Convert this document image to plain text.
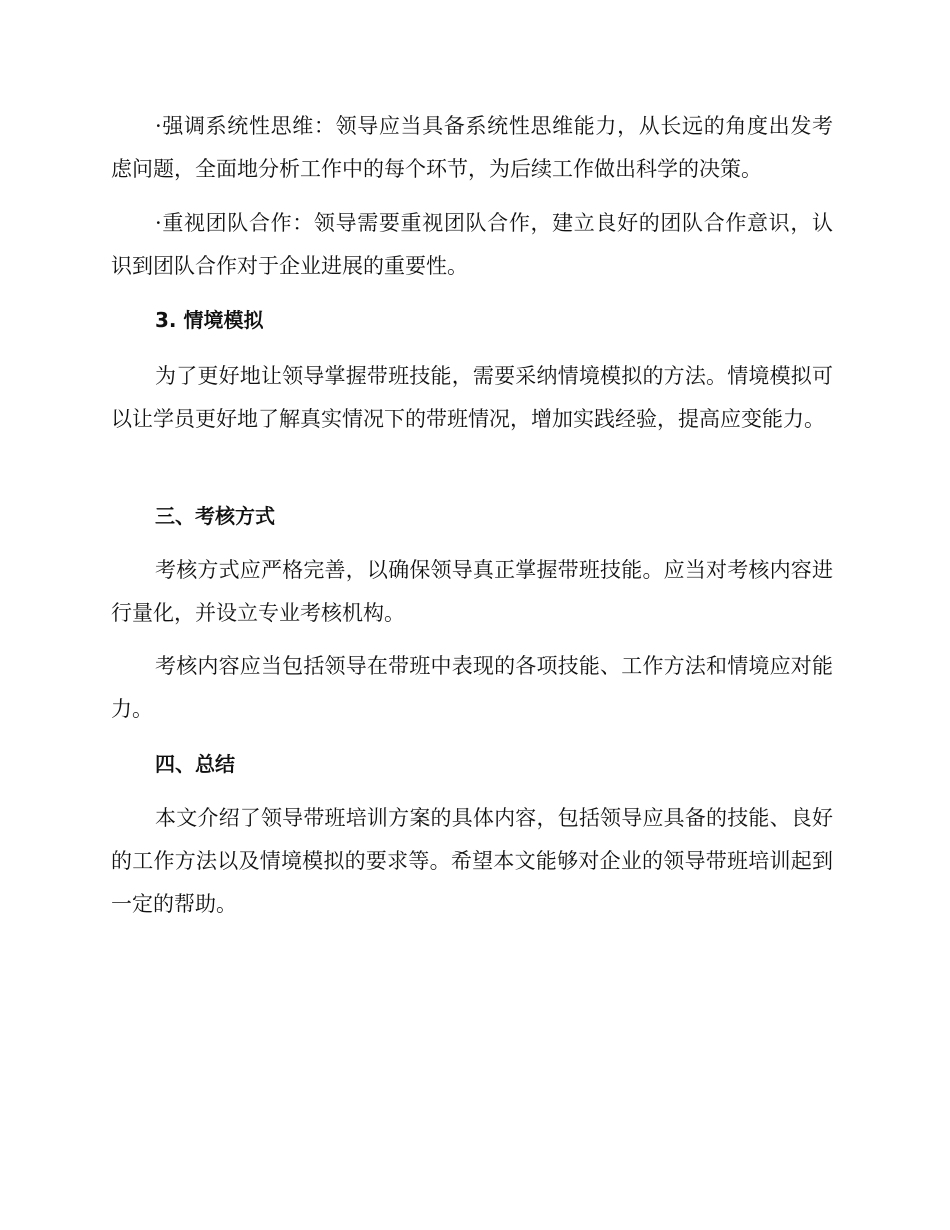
·强调系统性思维：领导应当具备系统性思维能力，从长远的角度出发考虑问题，全面地分析工作中的每个环节，为后续工作做出科学的决策。

·重视团队合作：领导需要重视团队合作，建立良好的团队合作意识，认识到团队合作对于企业进展的重要性。

3. 情境模拟

为了更好地让领导掌握带班技能，需要采纳情境模拟的方法。情境模拟可以让学员更好地了解真实情况下的带班情况，增加实践经验，提高应变能力。

三、考核方式

考核方式应严格完善，以确保领导真正掌握带班技能。应当对考核内容进行量化，并设立专业考核机构。

考核内容应当包括领导在带班中表现的各项技能、工作方法和情境应对能力。

四、总结

本文介绍了领导带班培训方案的具体内容，包括领导应具备的技能、良好的工作方法以及情境模拟的要求等。希望本文能够对企业的领导带班培训起到一定的帮助。
